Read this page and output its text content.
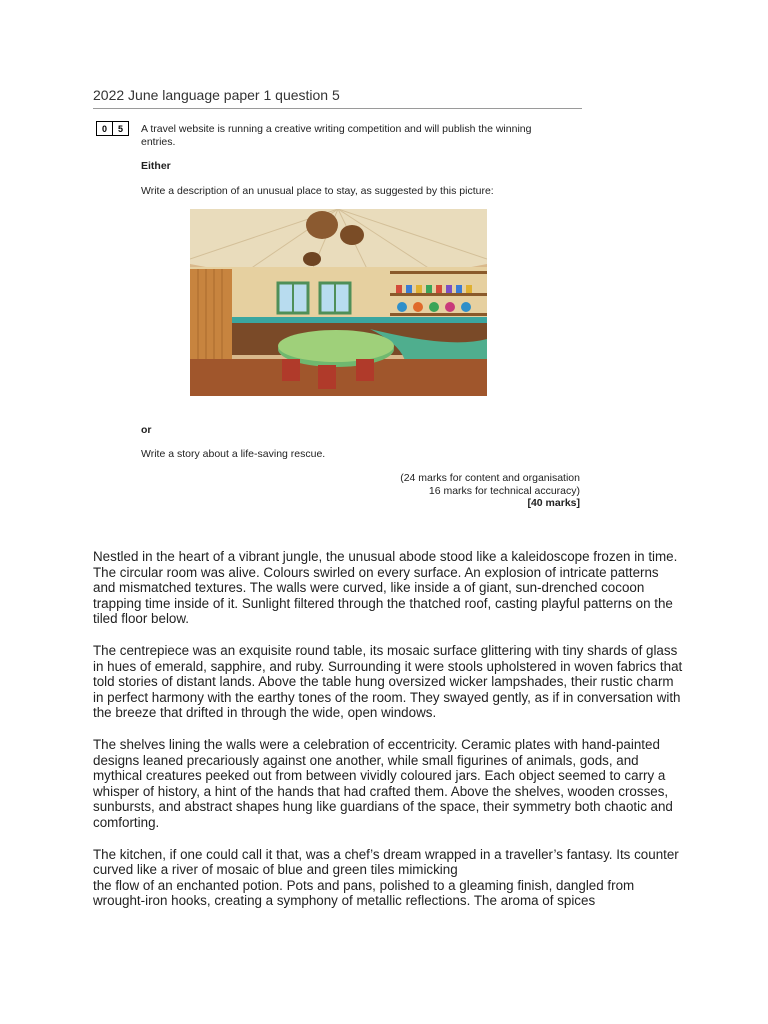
2022 June language paper 1 question 5
0	5	A travel website is running a creative writing competition and will publish the winning entries.
Either
Write a description of an unusual place to stay, as suggested by this picture:
or
Write a story about a life-saving rescue.
(24 marks for content and organisation
16 marks for technical accuracy)
[40 marks]

Nestled in the heart of a vibrant jungle, the unusual abode stood like a kaleidoscope frozen in time. The circular room was alive. Colours swirled on every surface. An explosion of intricate patterns and mismatched textures. The walls were curved, like inside a of giant, sun-drenched cocoon trapping time inside of it. Sunlight filtered through the thatched roof, casting playful patterns on the tiled floor below.

The centrepiece was an exquisite round table, its mosaic surface glittering with tiny shards of glass in hues of emerald, sapphire, and ruby. Surrounding it were stools upholstered in woven fabrics that told stories of distant lands. Above the table hung oversized wicker lampshades, their rustic charm in perfect harmony with the earthy tones of the room. They swayed gently, as if in conversation with the breeze that drifted in through the wide, open windows.

The shelves lining the walls were a celebration of eccentricity. Ceramic plates with hand-painted designs leaned precariously against one another, while small figurines of animals, gods, and mythical creatures peeked out from between vividly coloured jars. Each object seemed to carry a whisper of history, a hint of the hands that had crafted them. Above the shelves, wooden crosses, sunbursts, and abstract shapes hung like guardians of the space, their symmetry both chaotic and comforting.

The kitchen, if one could call it that, was a chef’s dream wrapped in a traveller’s fantasy. Its counter curved like a river of mosaic of blue and green tiles mimicking
the flow of an enchanted potion. Pots and pans, polished to a gleaming finish, dangled from wrought-iron hooks, creating a symphony of metallic reflections. The aroma of spices
